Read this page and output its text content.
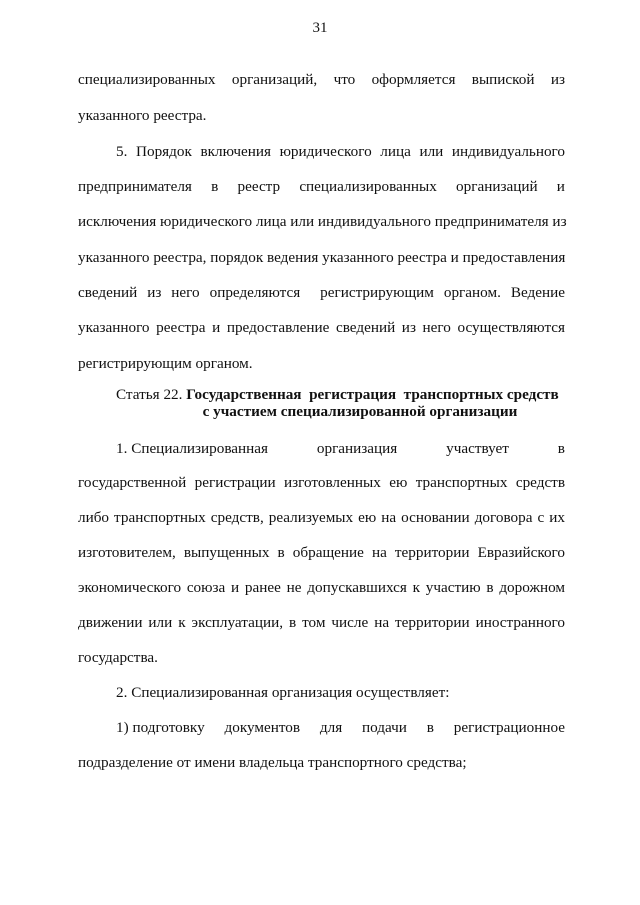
31
специализированных организаций, что оформляется выпиской из
указанного реестра.
5. Порядок включения юридического лица или индивидуального
предпринимателя в реестр специализированных организаций и
исключения юридического лица или индивидуального предпринимателя из
указанного реестра, порядок ведения указанного реестра и предоставления
сведений из него определяются  регистрирующим органом. Ведение
указанного реестра и предоставление сведений из него осуществляются
регистрирующим органом.
Статья 22. Государственная  регистрация  транспортных средств
с участием специализированной организации
1. Специализированная	организация	участвует	в
государственной регистрации изготовленных ею транспортных средств
либо транспортных средств, реализуемых ею на основании договора с их
изготовителем, выпущенных в обращение на территории Евразийского
экономического союза и ранее не допускавшихся к участию в дорожном
движении или к эксплуатации, в том числе на территории иностранного
государства.
2. Специализированная организация осуществляет:
1) подготовку документов для подачи в регистрационное
подразделение от имени владельца транспортного средства;
